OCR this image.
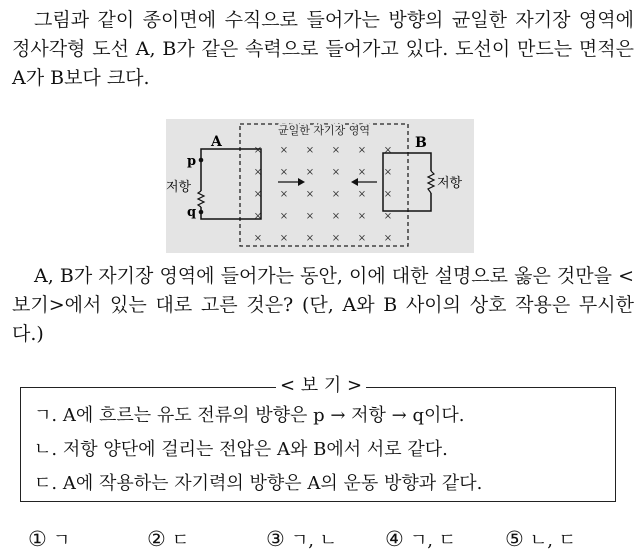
그림과 같이 종이면에 수직으로 들어가는 방향의 균일한 자기장 영역에 정사각형 도선 A, B가 같은 속력으로 들어가고 있다. 도선이 만드는 면적은 A가 B보다 크다.

균일한 자기장 영역
× × × × × ×
× × × × × ×
× × × × × ×
× × × × × ×
× × × × × ×
A
p
q
저항
B
저항

A, B가 자기장 영역에 들어가는 동안, 이에 대한 설명으로 옳은 것만을 <보기>에서 있는 대로 고른 것은? (단, A와 B 사이의 상호 작용은 무시한다.)

< 보 기 >

ㄱ. A에 흐르는 유도 전류의 방향은 p → 저항 → q이다.

ㄴ. 저항 양단에 걸리는 전압은 A와 B에서 서로 같다.

ㄷ. A에 작용하는 자기력의 방향은 A의 운동 방향과 같다.

① ㄱ	② ㄷ	③ ㄱ, ㄴ ④ ㄱ, ㄷ ⑤ ㄴ, ㄷ
